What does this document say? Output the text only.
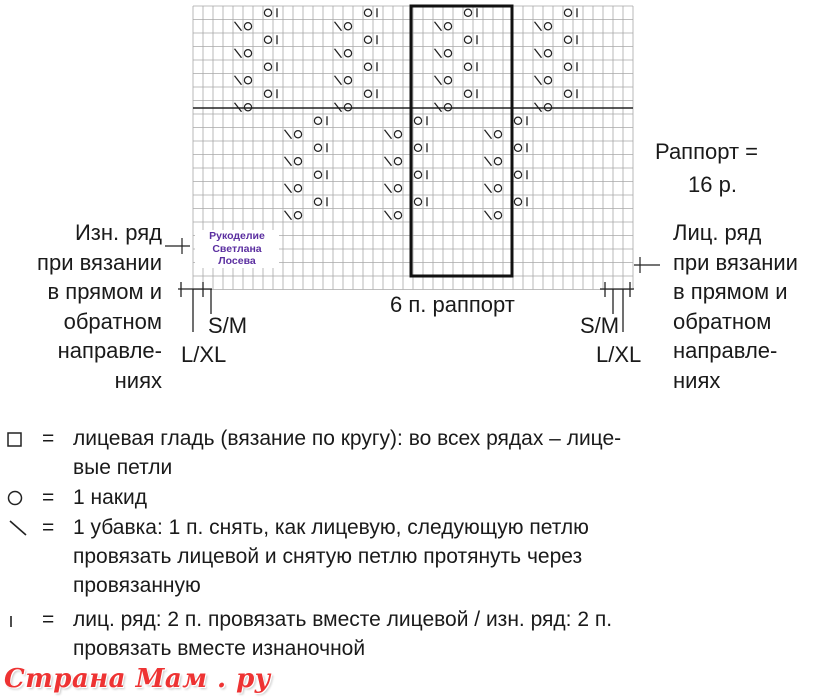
Рукоделие
Светлана
Лосева
Раппорт =
16 р.
Изн. ряд
при вязании
в прямом и
обратном
направле-
ниях
Лиц. ряд
при вязании
в прямом и
обратном
направле-
ниях
S/M
L/XL
S/M
L/XL
6 п. раппорт
= лицевая гладь (вязание по кругу): во всех рядах – лице-
вые петли
= 1 накид
= 1 убавка: 1 п. снять, как лицевую, следующую петлю
провязать лицевой и снятую петлю протянуть через
провязанную
= лиц. ряд: 2 п. провязать вместе лицевой / изн. ряд: 2 п.
провязать вместе изнаночной
Страна Мам . ру
